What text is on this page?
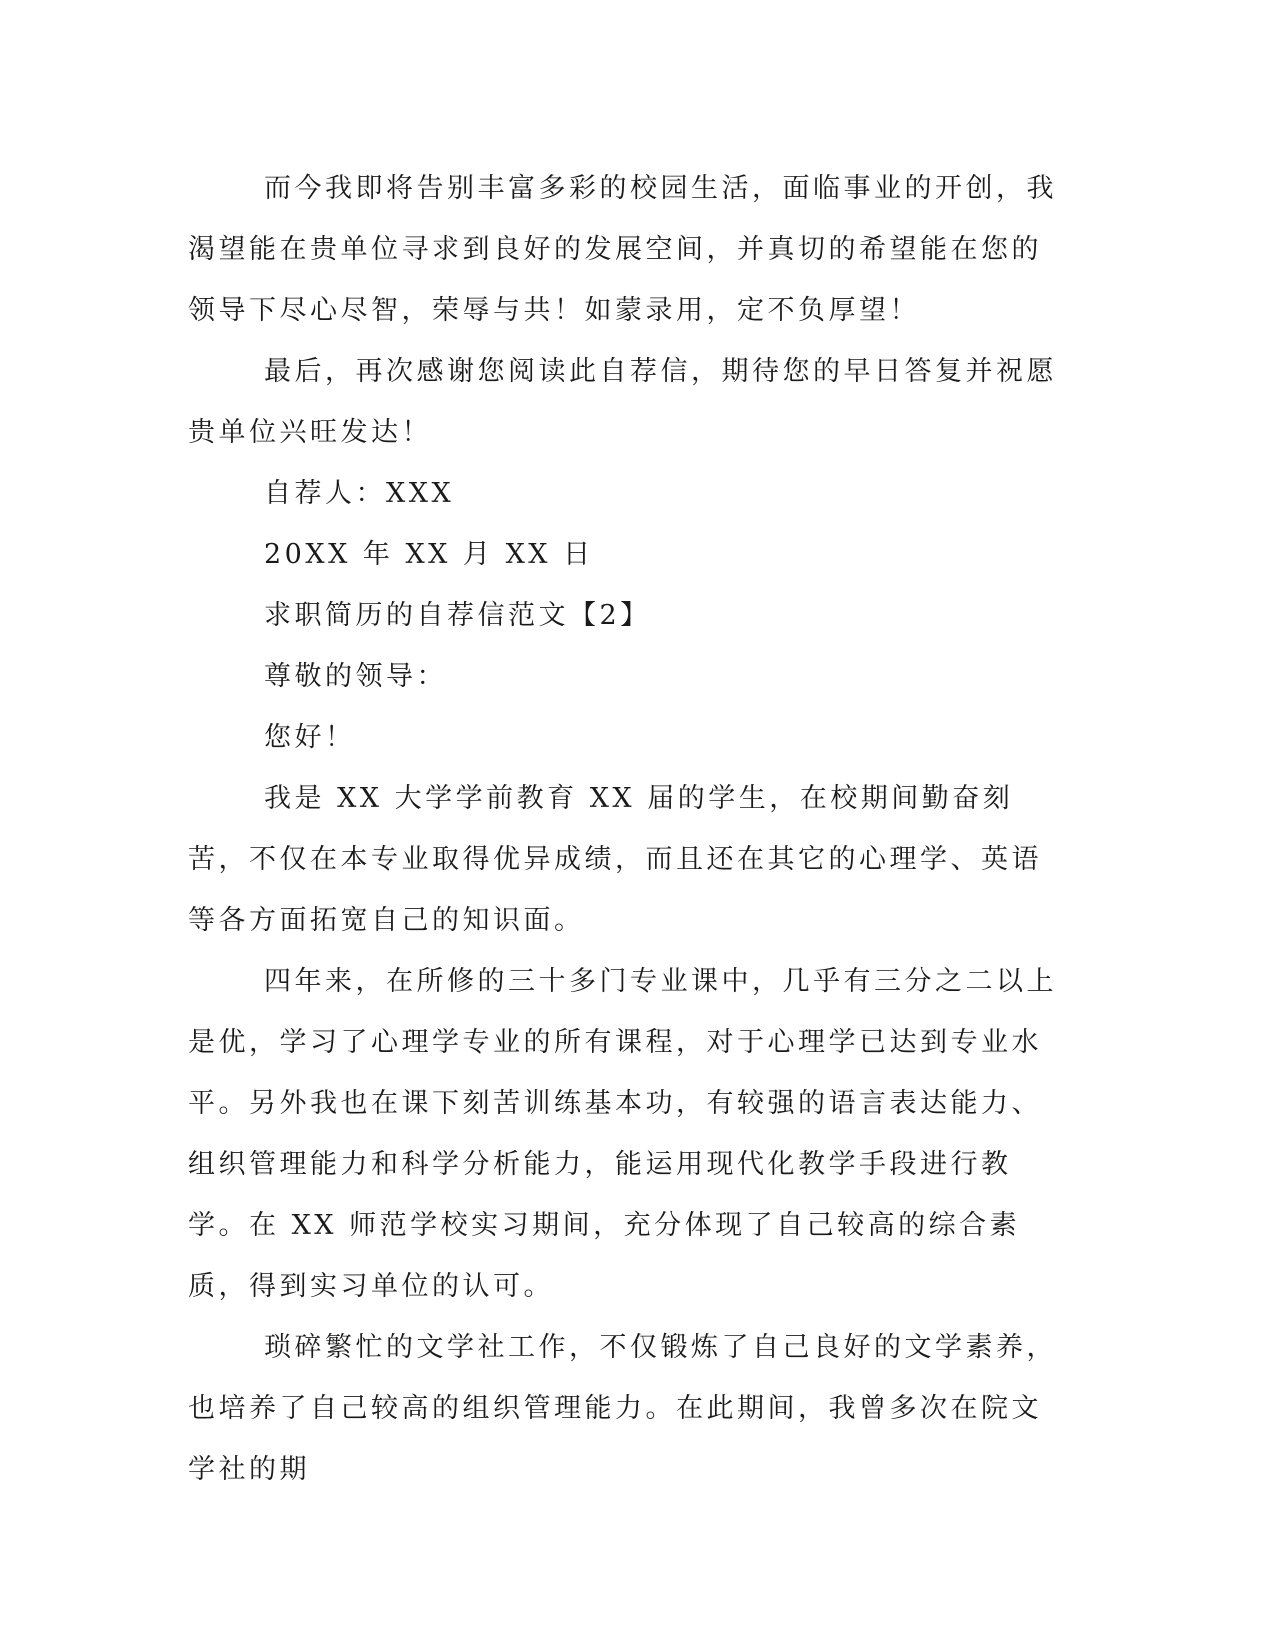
而今我即将告别丰富多彩的校园生活，面临事业的开创，我渴望能在贵单位寻求到良好的发展空间，并真切的希望能在您的领导下尽心尽智，荣辱与共！如蒙录用，定不负厚望！

最后，再次感谢您阅读此自荐信，期待您的早日答复并祝愿贵单位兴旺发达！

自荐人：XXX

20XX 年 XX 月 XX 日

求职简历的自荐信范文【2】

尊敬的领导：

您好！

我是 XX 大学学前教育 XX 届的学生，在校期间勤奋刻苦，不仅在本专业取得优异成绩，而且还在其它的心理学、英语等各方面拓宽自己的知识面。

四年来，在所修的三十多门专业课中，几乎有三分之二以上是优，学习了心理学专业的所有课程，对于心理学已达到专业水平。另外我也在课下刻苦训练基本功，有较强的语言表达能力、组织管理能力和科学分析能力，能运用现代化教学手段进行教学。在 XX 师范学校实习期间，充分体现了自己较高的综合素质，得到实习单位的认可。

琐碎繁忙的文学社工作，不仅锻炼了自己良好的文学素养，也培养了自己较高的组织管理能力。在此期间，我曾多次在院文学社的期
